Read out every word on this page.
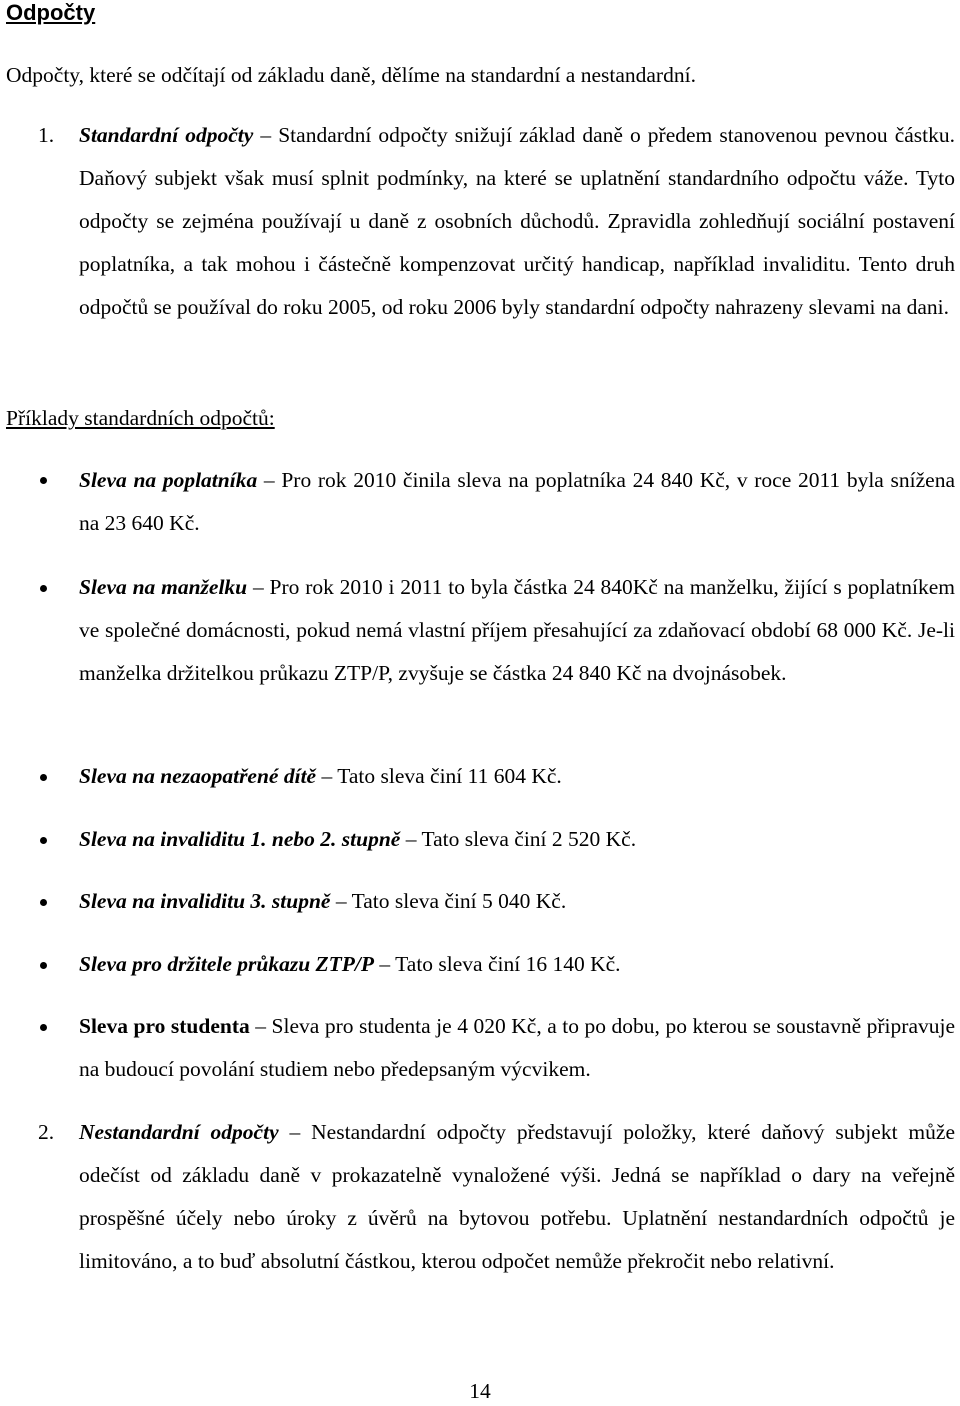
Odpočty

Odpočty, které se odčítají od základu daně, dělíme na standardní a nestandardní.

1. Standardní odpočty – Standardní odpočty snižují základ daně o předem stanovenou pevnou částku. Daňový subjekt však musí splnit podmínky, na které se uplatnění standardního odpočtu váže. Tyto odpočty se zejména používají u daně z osobních důchodů. Zpravidla zohledňují sociální postavení poplatníka, a tak mohou i částečně kompenzovat určitý handicap, například invaliditu. Tento druh odpočtů se používal do roku 2005, od roku 2006 byly standardní odpočty nahrazeny slevami na dani.

Příklady standardních odpočtů:

Sleva na poplatníka – Pro rok 2010 činila sleva na poplatníka 24 840 Kč, v roce 2011 byla snížena na 23 640 Kč.

Sleva na manželku – Pro rok 2010 i 2011 to byla částka 24 840Kč na manželku, žijící s poplatníkem ve společné domácnosti, pokud nemá vlastní příjem přesahující za zdaňovací období 68 000 Kč. Je-li manželka držitelkou průkazu ZTP/P, zvyšuje se částka 24 840 Kč na dvojnásobek.

Sleva na nezaopatřené dítě – Tato sleva činí 11 604 Kč.

Sleva na invaliditu 1. nebo 2. stupně – Tato sleva činí 2 520 Kč.

Sleva na invaliditu 3. stupně – Tato sleva činí 5 040 Kč.

Sleva pro držitele průkazu ZTP/P – Tato sleva činí 16 140 Kč.

Sleva pro studenta – Sleva pro studenta je 4 020 Kč, a to po dobu, po kterou se soustavně připravuje na budoucí povolání studiem nebo předepsaným výcvikem.

2. Nestandardní odpočty – Nestandardní odpočty představují položky, které daňový subjekt může odečíst od základu daně v prokazatelně vynaložené výši. Jedná se například o dary na veřejně prospěšné účely nebo úroky z úvěrů na bytovou potřebu. Uplatnění nestandardních odpočtů je limitováno, a to buď absolutní částkou, kterou odpočet nemůže překročit nebo relativní.

14
